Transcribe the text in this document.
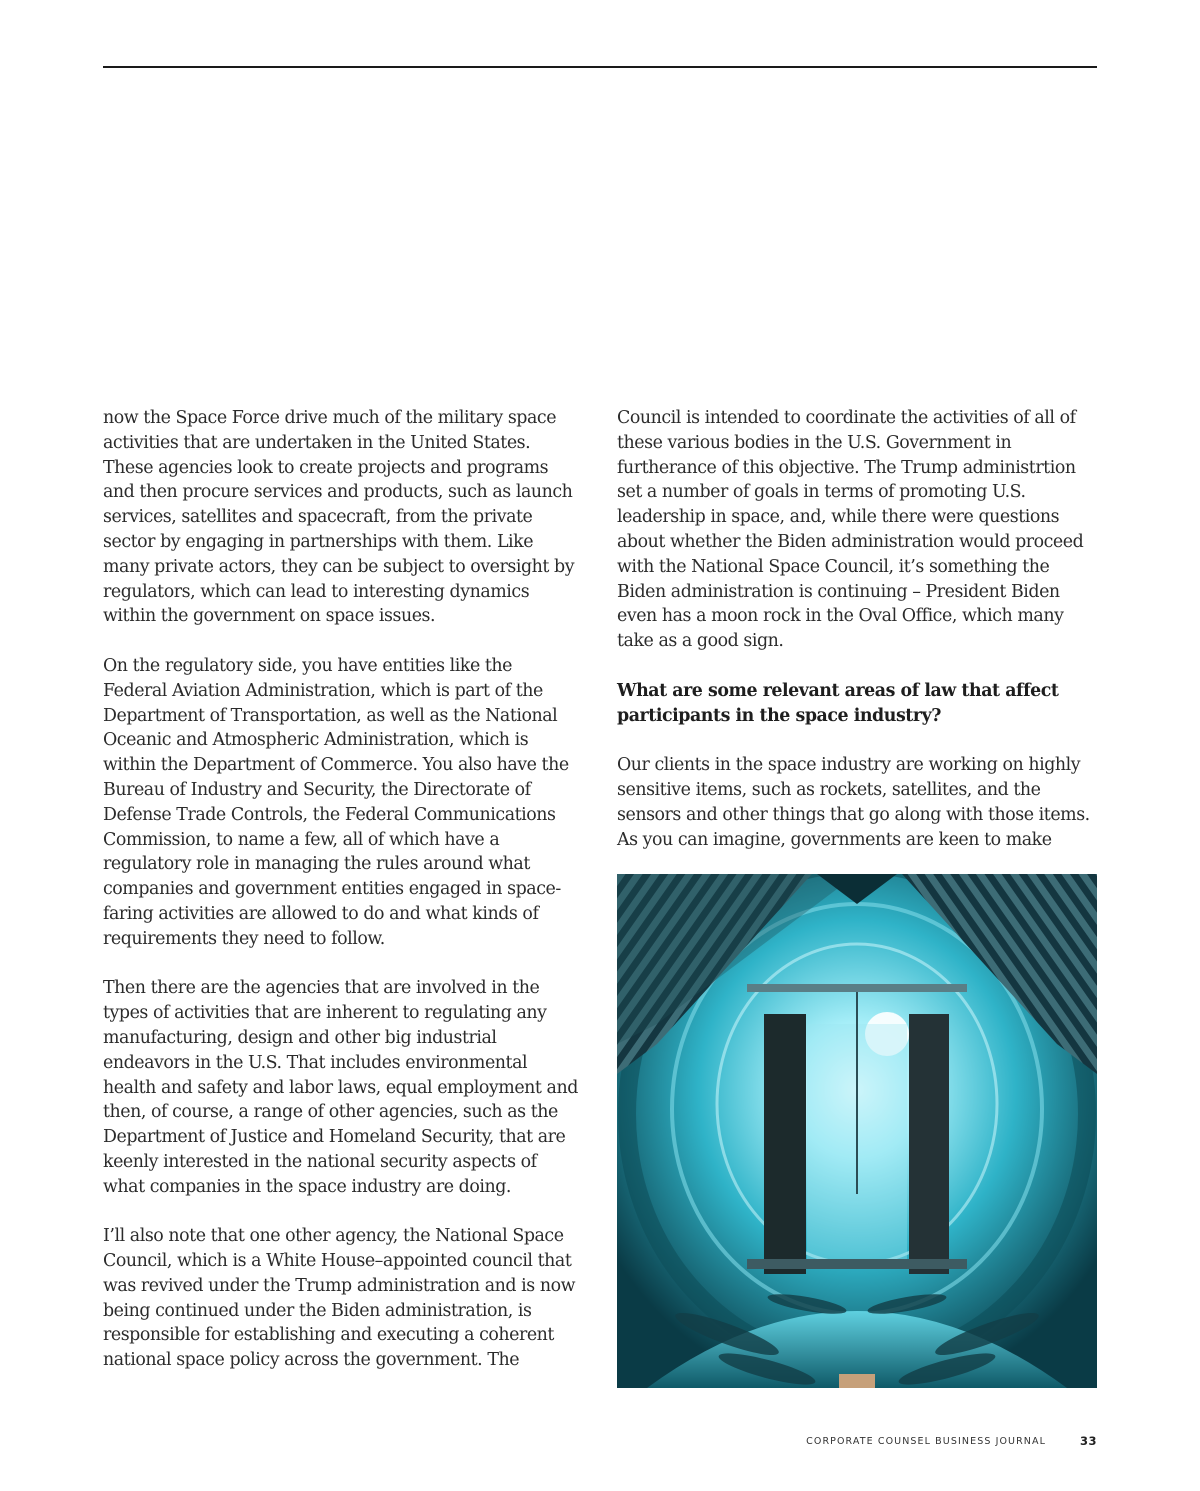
now the Space Force drive much of the military space activities that are undertaken in the United States. These agencies look to create projects and programs and then procure services and products, such as launch services, satellites and spacecraft, from the private sector by engaging in partnerships with them. Like many private actors, they can be subject to oversight by regulators, which can lead to interesting dynamics within the government on space issues.

On the regulatory side, you have entities like the Federal Aviation Administration, which is part of the Department of Transportation, as well as the National Oceanic and Atmospheric Administration, which is within the Department of Commerce. You also have the Bureau of Industry and Security, the Directorate of Defense Trade Controls, the Federal Communications Commission, to name a few, all of which have a regulatory role in managing the rules around what companies and government entities engaged in space-faring activities are allowed to do and what kinds of requirements they need to follow.

Then there are the agencies that are involved in the types of activities that are inherent to regulating any manufacturing, design and other big industrial endeavors in the U.S. That includes environmental health and safety and labor laws, equal employment and then, of course, a range of other agencies, such as the Department of Justice and Homeland Security, that are keenly interested in the national security aspects of what companies in the space industry are doing.

I’ll also note that one other agency, the National Space Council, which is a White House–appointed council that was revived under the Trump administration and is now being continued under the Biden administration, is responsible for establishing and executing a coherent national space policy across the government. The

Council is intended to coordinate the activities of all of these various bodies in the U.S. Government in furtherance of this objective. The Trump administrtion set a number of goals in terms of promoting U.S. leadership in space, and, while there were questions about whether the Biden administration would proceed with the National Space Council, it’s something the Biden administration is continuing – President Biden even has a moon rock in the Oval Office, which many take as a good sign.

What are some relevant areas of law that affect participants in the space industry?

Our clients in the space industry are working on highly sensitive items, such as rockets, satellites, and the sensors and other things that go along with those items. As you can imagine, governments are keen to make

CORPORATE COUNSEL BUSINESS JOURNAL	33
